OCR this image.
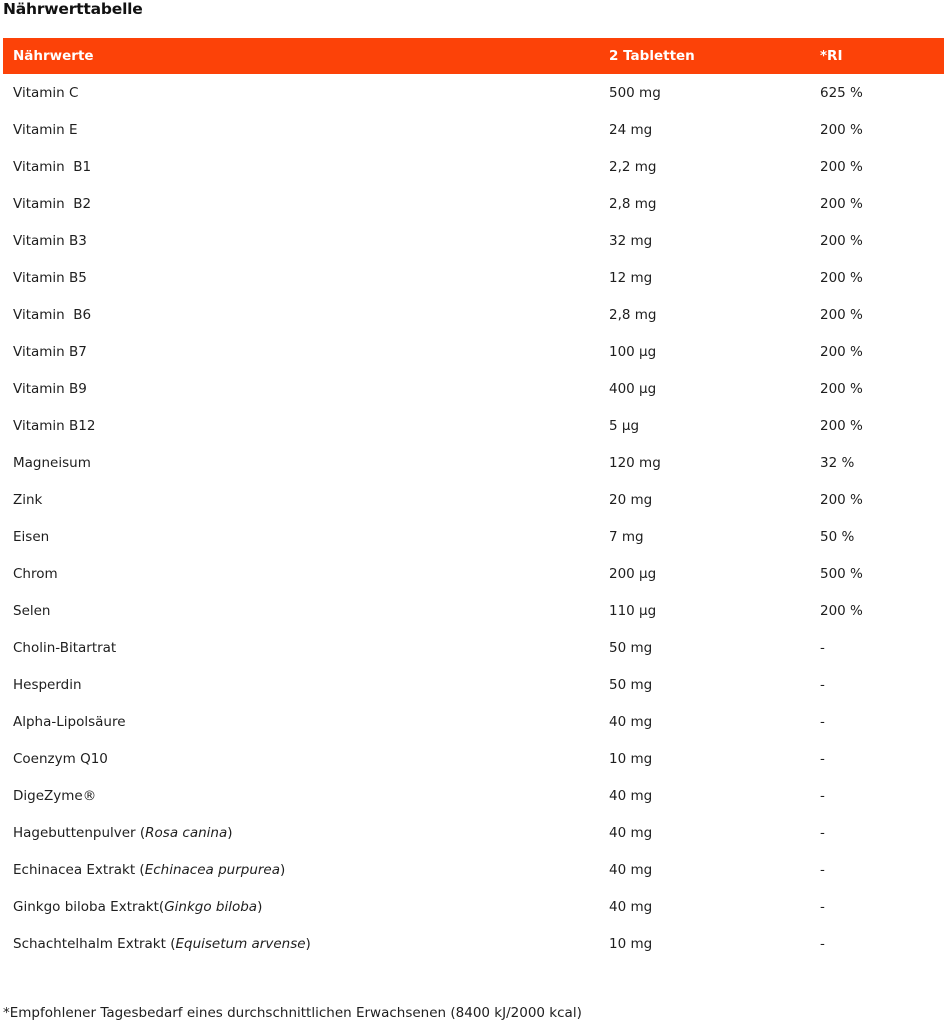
Nährwerttabelle
Nährwerte	2 Tabletten	*RI
Vitamin C	500 mg	625 %
Vitamin E	24 mg	200 %
Vitamin  B1	2,2 mg	200 %
Vitamin  B2	2,8 mg	200 %
Vitamin B3	32 mg	200 %
Vitamin B5	12 mg	200 %
Vitamin  B6	2,8 mg	200 %
Vitamin B7	100 µg	200 %
Vitamin B9	400 µg	200 %
Vitamin B12	5 µg	200 %
Magneisum	120 mg	32 %
Zink	20 mg	200 %
Eisen	7 mg	50 %
Chrom	200 µg	500 %
Selen	110 µg	200 %
Cholin-Bitartrat	50 mg	-
Hesperdin	50 mg	-
Alpha-Lipolsäure	40 mg	-
Coenzym Q10	10 mg	-
DigeZyme®	40 mg	-
Hagebuttenpulver (Rosa canina)	40 mg	-
Echinacea Extrakt (Echinacea purpurea)	40 mg	-
Ginkgo biloba Extrakt(Ginkgo biloba)	40 mg	-
Schachtelhalm Extrakt (Equisetum arvense)	10 mg	-
*Empfohlener Tagesbedarf eines durchschnittlichen Erwachsenen (8400 kJ/2000 kcal)
